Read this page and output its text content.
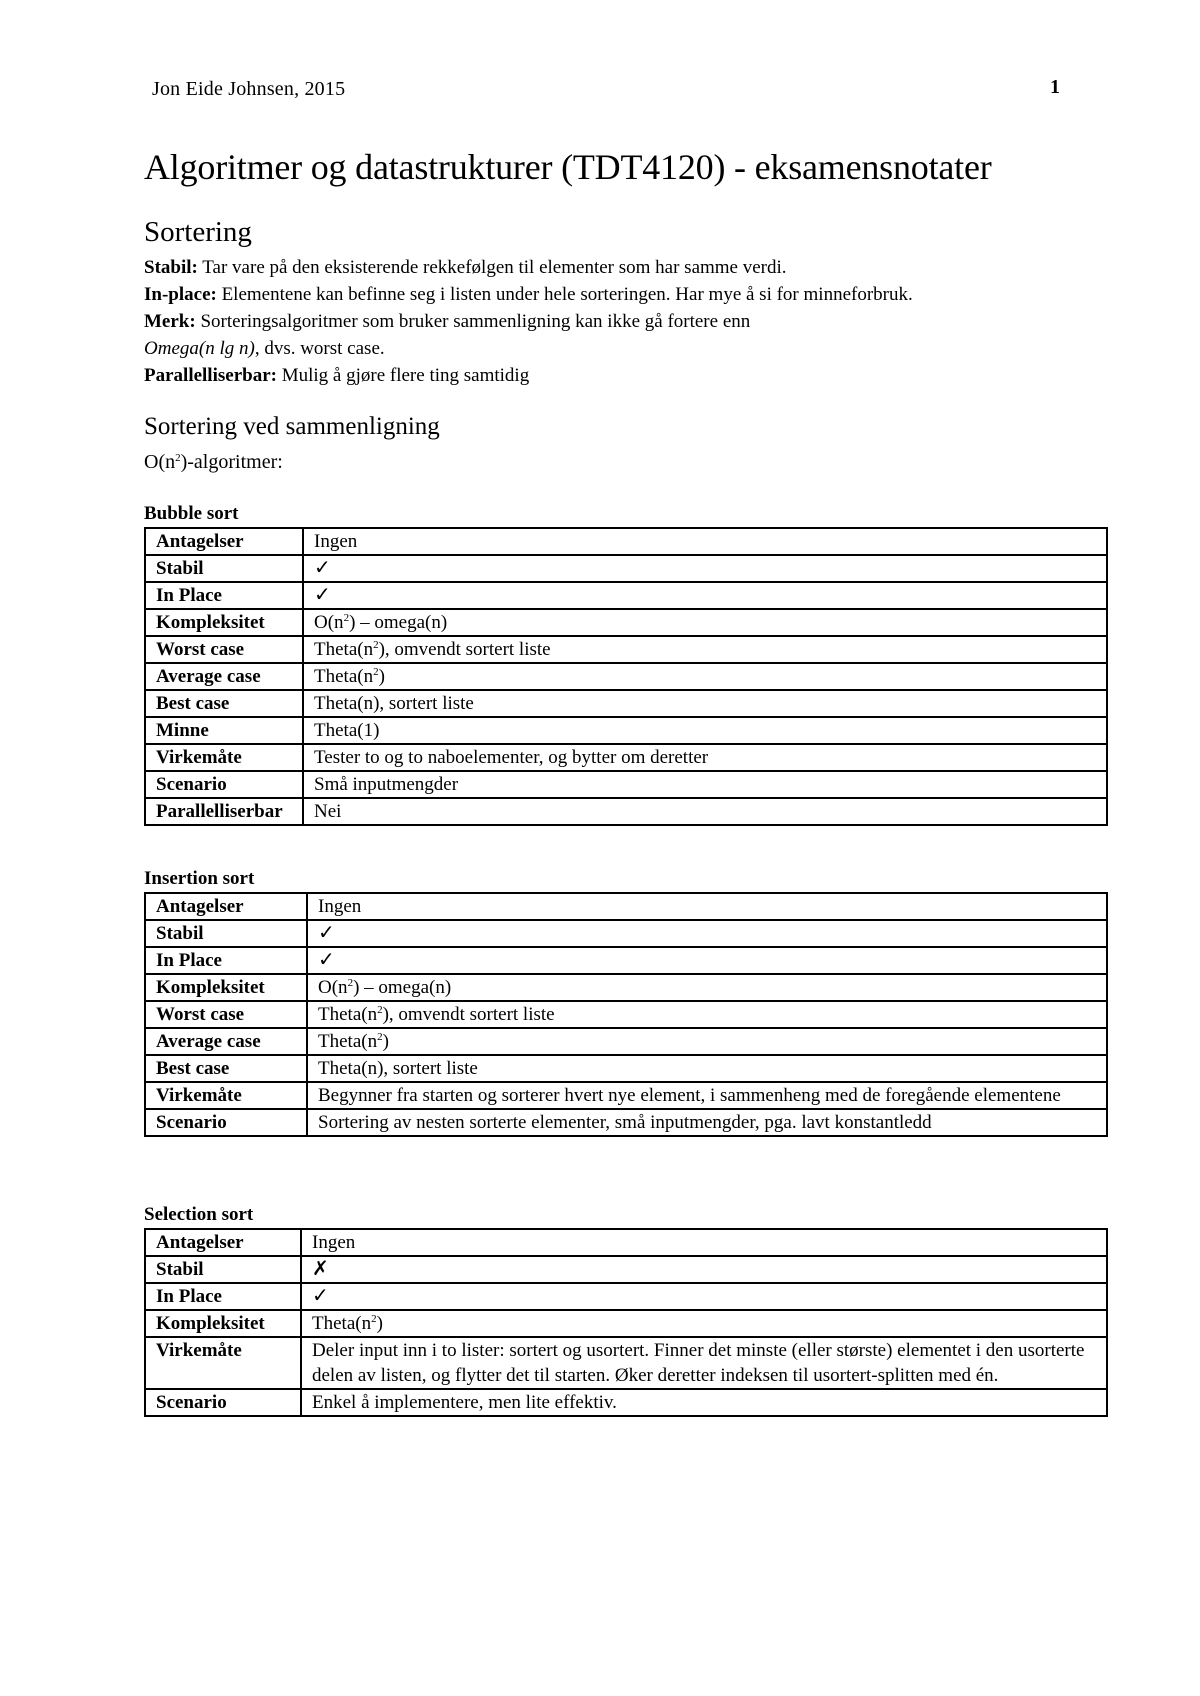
Jon Eide Johnsen, 2015	1
Algoritmer og datastrukturer (TDT4120) - eksamensnotater
Sortering
Stabil: Tar vare på den eksisterende rekkefølgen til elementer som har samme verdi.
In-place: Elementene kan befinne seg i listen under hele sorteringen. Har mye å si for minneforbruk.
Merk: Sorteringsalgoritmer som bruker sammenligning kan ikke gå fortere enn
Omega(n lg n), dvs. worst case.
Parallelliserbar: Mulig å gjøre flere ting samtidig
Sortering ved sammenligning
$O(n^2)$-algoritmer:
Bubble sort
Antagelser	Ingen
Stabil	✓
In Place	✓
Kompleksitet	$O(n^2)$ – omega(n)
Worst case	$Theta(n^2)$, omvendt sortert liste
Average case	$Theta(n^2)$
Best case	Theta(n), sortert liste
Minne	Theta(1)
Virkemåte	Tester to og to naboelementer, og bytter om deretter
Scenario	Små inputmengder
Parallelliserbar	Nei
Insertion sort
Antagelser	Ingen
Stabil	✓
In Place	✓
Kompleksitet	$O(n^2)$ – omega(n)
Worst case	$Theta(n^2)$, omvendt sortert liste
Average case	$Theta(n^2)$
Best case	Theta(n), sortert liste
Virkemåte	Begynner fra starten og sorterer hvert nye element, i sammenheng med de foregående elementene
Scenario	Sortering av nesten sorterte elementer, små inputmengder, pga. lavt konstantledd
Selection sort
Antagelser	Ingen
Stabil	✗
In Place	✓
Kompleksitet	$Theta(n^2)$
Virkemåte	Deler input inn i to lister: sortert og usortert. Finner det minste (eller største) elementet i den usorterte delen av listen, og flytter det til starten. Øker deretter indeksen til usortert-splitten med én.
Scenario	Enkel å implementere, men lite effektiv.
